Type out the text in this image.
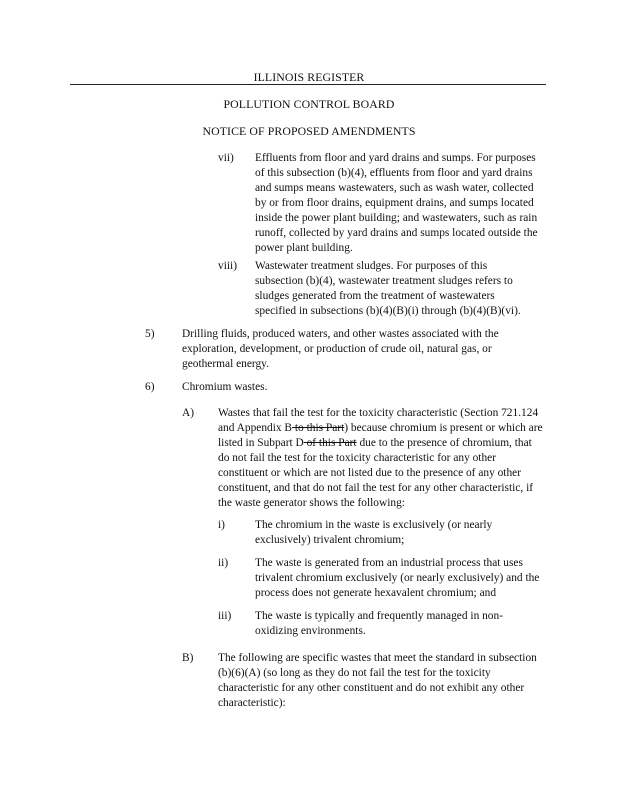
ILLINOIS REGISTER
POLLUTION CONTROL BOARD
NOTICE OF PROPOSED AMENDMENTS
vii) Effluents from floor and yard drains and sumps. For purposes of this subsection (b)(4), effluents from floor and yard drains and sumps means wastewaters, such as wash water, collected by or from floor drains, equipment drains, and sumps located inside the power plant building; and wastewaters, such as rain runoff, collected by yard drains and sumps located outside the power plant building.

viii) Wastewater treatment sludges. For purposes of this subsection (b)(4), wastewater treatment sludges refers to sludges generated from the treatment of wastewaters specified in subsections (b)(4)(B)(i) through (b)(4)(B)(vi).

5) Drilling fluids, produced waters, and other wastes associated with the exploration, development, or production of crude oil, natural gas, or geothermal energy.

6) Chromium wastes.
A) Wastes that fail the test for the toxicity characteristic (Section 721.124 and Appendix B to this Part) because chromium is present or which are listed in Subpart D of this Part due to the presence of chromium, that do not fail the test for the toxicity characteristic for any other constituent or which are not listed due to the presence of any other constituent, and that do not fail the test for any other characteristic, if the waste generator shows the following:

i)	The chromium in the waste is exclusively (or nearly exclusively) trivalent chromium;

ii) The waste is generated from an industrial process that uses trivalent chromium exclusively (or nearly exclusively) and the process does not generate hexavalent chromium; and

iii) The waste is typically and frequently managed in non-oxidizing environments.

B) The following are specific wastes that meet the standard in subsection (b)(6)(A) (so long as they do not fail the test for the toxicity characteristic for any other constituent and do not exhibit any other characteristic):
